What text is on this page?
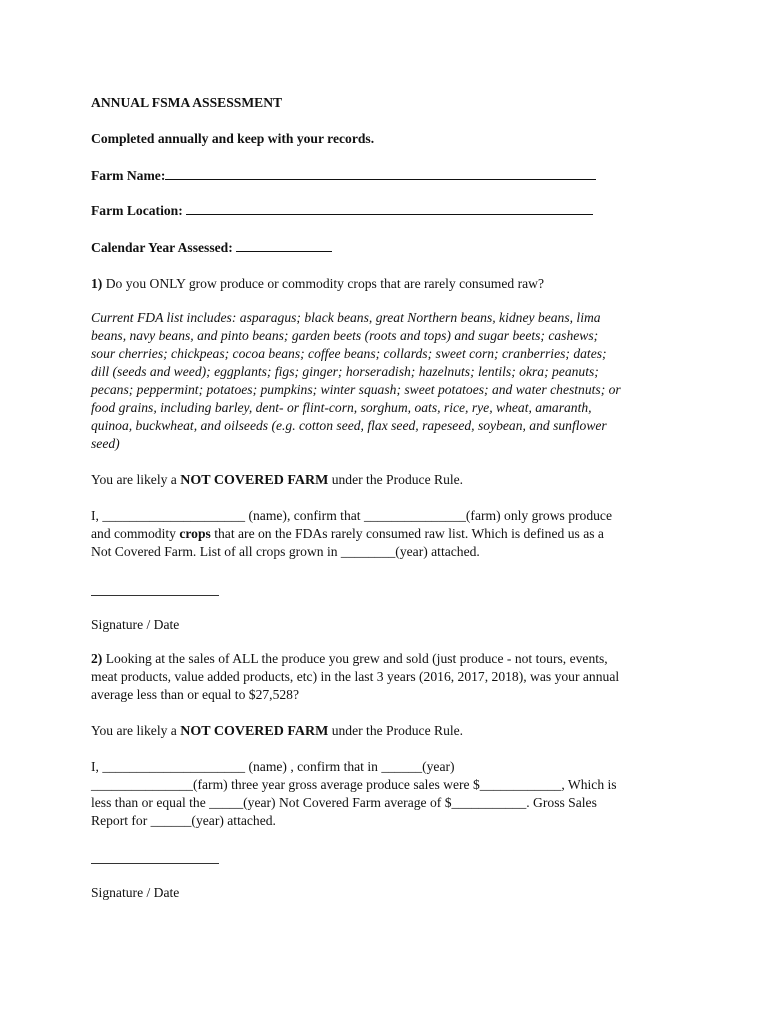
ANNUAL FSMA ASSESSMENT
Completed annually and keep with your records.
Farm Name:
Farm Location:
Calendar Year Assessed:
1) Do you ONLY grow produce or commodity crops that are rarely consumed raw?
Current FDA list includes: asparagus; black beans, great Northern beans, kidney beans, lima
beans, navy beans, and pinto beans; garden beets (roots and tops) and sugar beets; cashews;
sour cherries; chickpeas; cocoa beans; coffee beans; collards; sweet corn; cranberries; dates;
dill (seeds and weed); eggplants; figs; ginger; horseradish; hazelnuts; lentils; okra; peanuts;
pecans; peppermint; potatoes; pumpkins; winter squash; sweet potatoes; and water chestnuts; or
food grains, including barley, dent- or flint-corn, sorghum, oats, rice, rye, wheat, amaranth,
quinoa, buckwheat, and oilseeds (e.g. cotton seed, flax seed, rapeseed, soybean, and sunflower
seed)
You are likely a NOT COVERED FARM under the Produce Rule.
I, _____________________ (name), confirm that _______________(farm) only grows produce
and commodity crops that are on the FDAs rarely consumed raw list. Which is defined us as a
Not Covered Farm. List of all crops grown in ________(year) attached.
Signature / Date
2) Looking at the sales of ALL the produce you grew and sold (just produce - not tours, events,
meat products, value added products, etc) in the last 3 years (2016, 2017, 2018), was your annual
average less than or equal to $27,528?
You are likely a NOT COVERED FARM under the Produce Rule.
I, _____________________ (name) , confirm that in ______(year)
_______________(farm) three year gross average produce sales were $____________, Which is
less than or equal the _____(year) Not Covered Farm average of $___________. Gross Sales
Report for ______(year) attached.
Signature / Date
